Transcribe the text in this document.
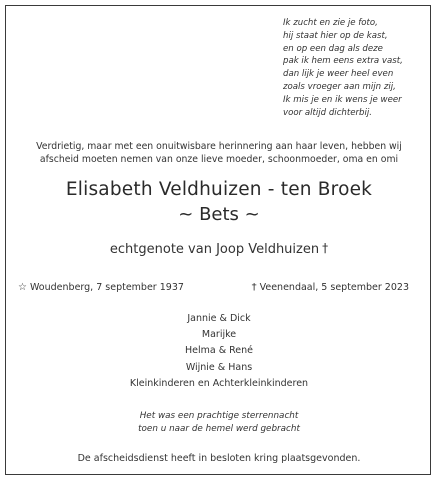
Ik zucht en zie je foto,
hij staat hier op de kast,
en op een dag als deze
pak ik hem eens extra vast,
dan lijk je weer heel even
zoals vroeger aan mijn zij,
Ik mis je en ik wens je weer
voor altijd dichterbij.
Verdrietig, maar met een onuitwisbare herinnering aan haar leven, hebben wij
afscheid moeten nemen van onze lieve moeder, schoonmoeder, oma en omi
Elisabeth Veldhuizen - ten Broek
~ Bets ~
echtgenote van Joop Veldhuizen †
☆ Woudenberg, 7 september 1937	† Veenendaal, 5 september 2023
Jannie & Dick
Marijke
Helma & René
Wijnie & Hans
Kleinkinderen en Achterkleinkinderen
Het was een prachtige sterrennacht
toen u naar de hemel werd gebracht
De afscheidsdienst heeft in besloten kring plaatsgevonden.
